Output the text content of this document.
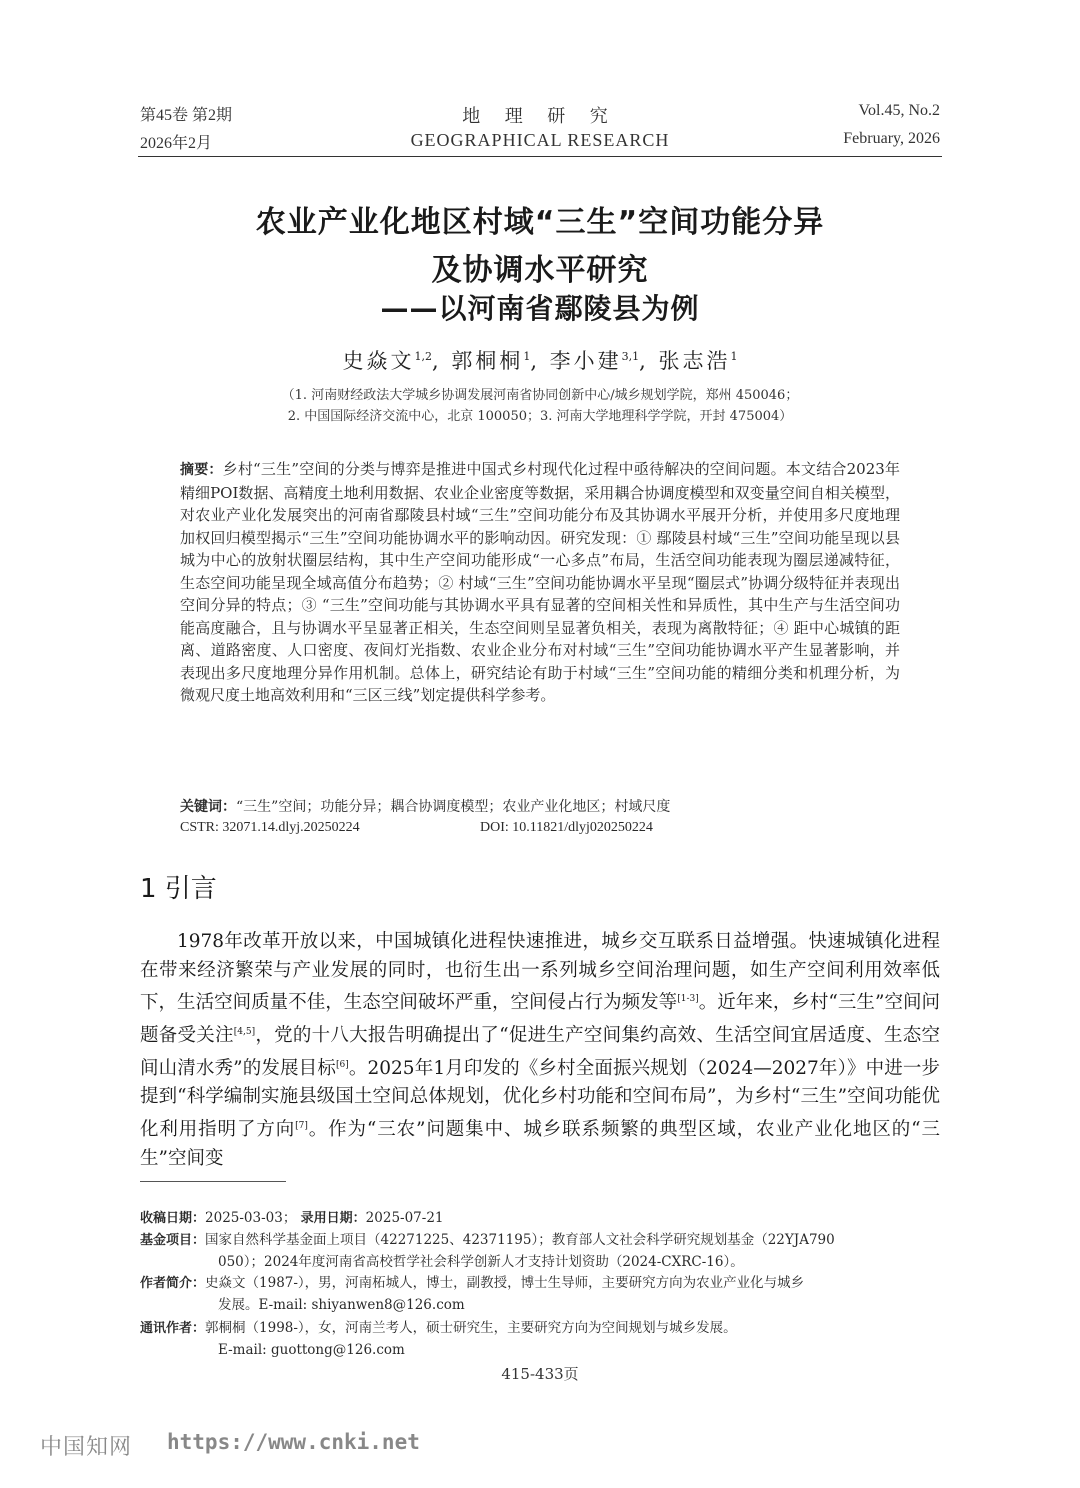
第45卷 第2期
2026年2月
地 理 研 究
GEOGRAPHICAL RESEARCH
Vol.45, No.2
February, 2026
农业产业化地区村域“三生”空间功能分异
及协调水平研究
——以河南省鄢陵县为例
史焱文$^{1,2}$, 郭桐桐$^1$, 李小建$^{3,1}$, 张志浩$^1$
（1. 河南财经政法大学城乡协调发展河南省协同创新中心/城乡规划学院，郑州 450046；
2. 中国国际经济交流中心，北京 100050；3. 河南大学地理科学学院，开封 475004）
摘要：乡村“三生”空间的分类与博弈是推进中国式乡村现代化过程中亟待解决的空间问题。本文结合2023年精细POI数据、高精度土地利用数据、农业企业密度等数据，采用耦合协调度模型和双变量空间自相关模型，对农业产业化发展突出的河南省鄢陵县村域“三生”空间功能分布及其协调水平展开分析，并使用多尺度地理加权回归模型揭示“三生”空间功能协调水平的影响动因。研究发现：① 鄢陵县村域“三生”空间功能呈现以县城为中心的放射状圈层结构，其中生产空间功能形成“一心多点”布局，生活空间功能表现为圈层递减特征，生态空间功能呈现全域高值分布趋势；② 村域“三生”空间功能协调水平呈现“圈层式”协调分级特征并表现出空间分异的特点；③ “三生”空间功能与其协调水平具有显著的空间相关性和异质性，其中生产与生活空间功能高度融合，且与协调水平呈显著正相关，生态空间则呈显著负相关，表现为离散特征；④ 距中心城镇的距离、道路密度、人口密度、夜间灯光指数、农业企业分布对村域“三生”空间功能协调水平产生显著影响，并表现出多尺度地理分异作用机制。总体上，研究结论有助于村域“三生”空间功能的精细分类和机理分析，为微观尺度土地高效利用和“三区三线”划定提供科学参考。
关键词：“三生”空间；功能分异；耦合协调度模型；农业产业化地区；村域尺度
CSTR: 32071.14.dlyj.20250224	DOI: 10.11821/dlyj020250224
1 引言
1978年改革开放以来，中国城镇化进程快速推进，城乡交互联系日益增强。快速城镇化进程在带来经济繁荣与产业发展的同时，也衍生出一系列城乡空间治理问题，如生产空间利用效率低下，生活空间质量不佳，生态空间破坏严重，空间侵占行为频发等[1-3]。近年来，乡村“三生”空间问题备受关注[4,5]，党的十八大报告明确提出了“促进生产空间集约高效、生活空间宜居适度、生态空间山清水秀”的发展目标[6]。2025年1月印发的《乡村全面振兴规划（2024—2027年）》中进一步提到“科学编制实施县级国土空间总体规划，优化乡村功能和空间布局”，为乡村“三生”空间功能优化利用指明了方向[7]。作为“三农”问题集中、城乡联系频繁的典型区域，农业产业化地区的“三生”空间变
收稿日期：2025-03-03； 录用日期：2025-07-21
基金项目：国家自然科学基金面上项目（42271225、42371195）；教育部人文社会科学研究规划基金（22YJA790
050）；2024年度河南省高校哲学社会科学创新人才支持计划资助（2024-CXRC-16）。
作者简介：史焱文（1987-），男，河南柘城人，博士，副教授，博士生导师，主要研究方向为农业产业化与城乡
发展。E-mail: shiyanwen8@126.com
通讯作者：郭桐桐（1998-），女，河南兰考人，硕士研究生，主要研究方向为空间规划与城乡发展。
E-mail: guottong@126.com
415-433页
中国知网 https://www.cnki.net
